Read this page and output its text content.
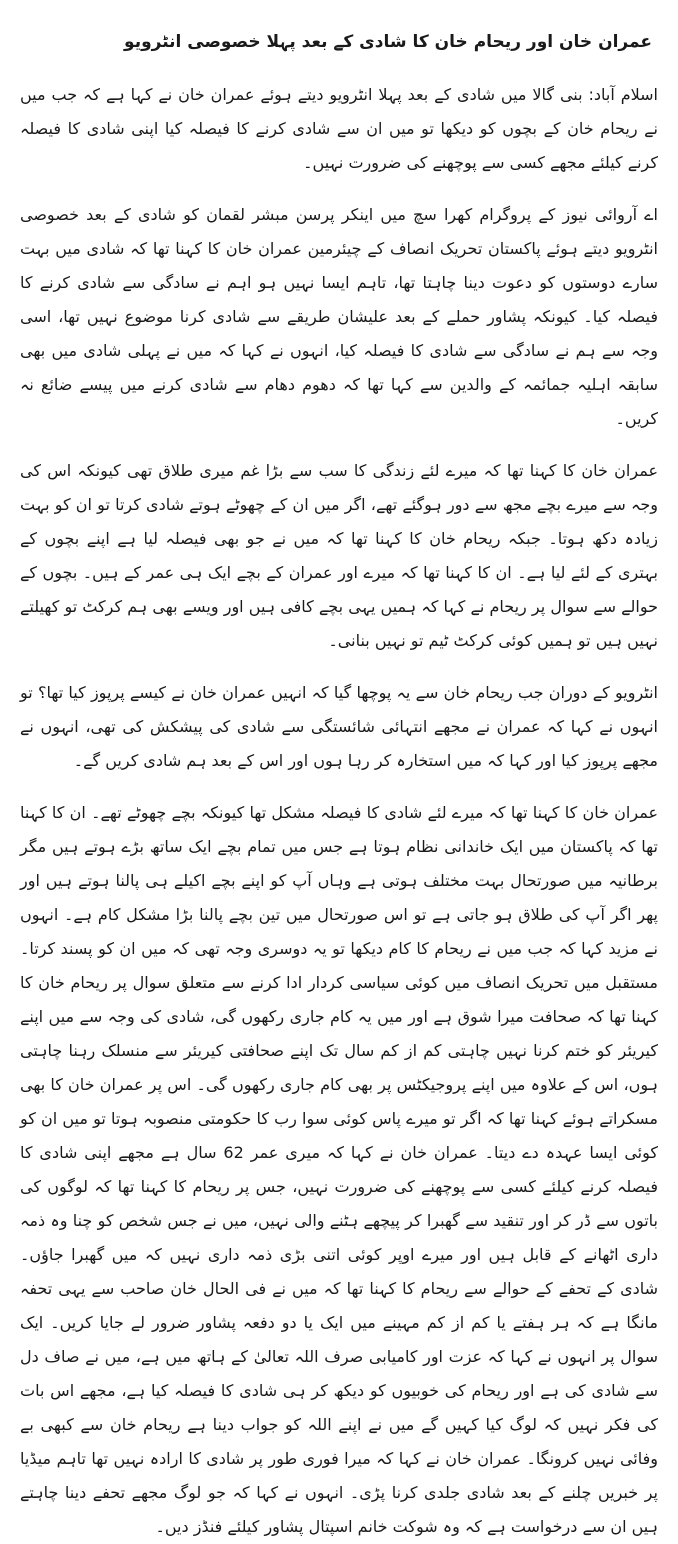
عمران خان اور ریحام خان کا شادی کے بعد پہلا خصوصی انٹرویو

اسلام آباد: بنی گالا میں شادی کے بعد پہلا انٹرویو دیتے ہوئے عمران خان نے کہا ہے کہ جب میں نے ریحام خان کے بچوں کو دیکھا تو میں ان سے شادی کرنے کا فیصلہ کیا اپنی شادی کا فیصلہ کرنے کیلئے مجھے کسی سے پوچھنے کی ضرورت نہیں۔

اے آروائی نیوز کے پروگرام کھرا سچ میں اینکر پرسن مبشر لقمان کو شادی کے بعد خصوصی انٹرویو دیتے ہوئے پاکستان تحریک انصاف کے چیئرمین عمران خان کا کہنا تھا کہ شادی میں بہت سارے دوستوں کو دعوت دینا چاہتا تھا، تاہم ایسا نہیں ہو اہم نے سادگی سے شادی کرنے کا فیصلہ کیا۔ کیونکہ پشاور حملے کے بعد علیشان طریقے سے شادی کرنا موضوع نہیں تھا، اسی وجہ سے ہم نے سادگی سے شادی کا فیصلہ کیا، انہوں نے کہا کہ میں نے پہلی شادی میں بھی سابقہ اہلیہ جمائمہ کے والدین سے کہا تھا کہ دھوم دھام سے شادی کرنے میں پیسے ضائع نہ کریں۔

عمران خان کا کہنا تھا کہ میرے لئے زندگی کا سب سے بڑا غم میری طلاق تھی کیونکہ اس کی وجہ سے میرے بچے مجھ سے دور ہوگئے تھے، اگر میں ان کے چھوٹے ہوتے شادی کرتا تو ان کو بہت زیادہ دکھ ہوتا۔ جبکہ ریحام خان کا کہنا تھا کہ میں نے جو بھی فیصلہ لیا ہے اپنے بچوں کے بہتری کے لئے لیا ہے۔ ان کا کہنا تھا کہ میرے اور عمران کے بچے ایک ہی عمر کے ہیں۔ بچوں کے حوالے سے سوال پر ریحام نے کہا کہ ہمیں یہی بچے کافی ہیں اور ویسے بھی ہم کرکٹ تو کھیلتے نہیں ہیں تو ہمیں کوئی کرکٹ ٹیم تو نہیں بنانی۔

انٹرویو کے دوران جب ریحام خان سے یہ پوچھا گیا کہ انہیں عمران خان نے کیسے پرپوز کیا تھا؟ تو انہوں نے کہا کہ عمران نے مجھے انتہائی شائستگی سے شادی کی پیشکش کی تھی، انہوں نے مجھے پرپوز کیا اور کہا کہ میں استخارہ کر رہا ہوں اور اس کے بعد ہم شادی کریں گے۔

عمران خان کا کہنا تھا کہ میرے لئے شادی کا فیصلہ مشکل تھا کیونکہ بچے چھوٹے تھے۔ ان کا کہنا تھا کہ پاکستان میں ایک خاندانی نظام ہوتا ہے جس میں تمام بچے ایک ساتھ بڑے ہوتے ہیں مگر برطانیہ میں صورتحال بہت مختلف ہوتی ہے وہاں آپ کو اپنے بچے اکیلے ہی پالنا ہوتے ہیں اور پھر اگر آپ کی طلاق ہو جاتی ہے تو اس صورتحال میں تین بچے پالنا بڑا مشکل کام ہے۔ انہوں نے مزید کہا کہ جب میں نے ریحام کا کام دیکھا تو یہ دوسری وجہ تھی کہ میں ان کو پسند کرتا۔ مستقبل میں تحریک انصاف میں کوئی سیاسی کردار ادا کرنے سے متعلق سوال پر ریحام خان کا کہنا تھا کہ صحافت میرا شوق ہے اور میں یہ کام جاری رکھوں گی، شادی کی وجہ سے میں اپنے کیریئر کو ختم کرنا نہیں چاہتی کم از کم سال تک اپنے صحافتی کیریئر سے منسلک رہنا چاہتی ہوں، اس کے علاوہ میں اپنے پروجیکٹس پر بھی کام جاری رکھوں گی۔ اس پر عمران خان کا بھی مسکراتے ہوئے کہنا تھا کہ اگر تو میرے پاس کوئی سوا رب کا حکومتی منصوبہ ہوتا تو میں ان کو کوئی ایسا عہدہ دے دیتا۔ عمران خان نے کہا کہ میری عمر 62 سال ہے مجھے اپنی شادی کا فیصلہ کرنے کیلئے کسی سے پوچھنے کی ضرورت نہیں، جس پر ریحام کا کہنا تھا کہ لوگوں کی باتوں سے ڈر کر اور تنقید سے گھبرا کر پیچھے ہٹنے والی نہیں، میں نے جس شخص کو چنا وہ ذمہ داری اٹھانے کے قابل ہیں اور میرے اوپر کوئی اتنی بڑی ذمہ داری نہیں کہ میں گھبرا جاؤں۔ شادی کے تحفے کے حوالے سے ریحام کا کہنا تھا کہ میں نے فی الحال خان صاحب سے یہی تحفہ مانگا ہے کہ ہر ہفتے یا کم از کم مہینے میں ایک یا دو دفعہ پشاور ضرور لے جایا کریں۔ ایک سوال پر انہوں نے کہا کہ عزت اور کامیابی صرف اللہ تعالیٰ کے ہاتھ میں ہے، میں نے صاف دل سے شادی کی ہے اور ریحام کی خوبیوں کو دیکھ کر ہی شادی کا فیصلہ کیا ہے، مجھے اس بات کی فکر نہیں کہ لوگ کیا کہیں گے میں نے اپنے اللہ کو جواب دینا ہے ریحام خان سے کبھی بے وفائی نہیں کرونگا۔ عمران خان نے کہا کہ میرا فوری طور پر شادی کا ارادہ نہیں تھا تاہم میڈیا پر خبریں چلنے کے بعد شادی جلدی کرنا پڑی۔ انہوں نے کہا کہ جو لوگ مجھے تحفے دینا چاہتے ہیں ان سے درخواست ہے کہ وہ شوکت خانم اسپتال پشاور کیلئے فنڈز دیں۔
